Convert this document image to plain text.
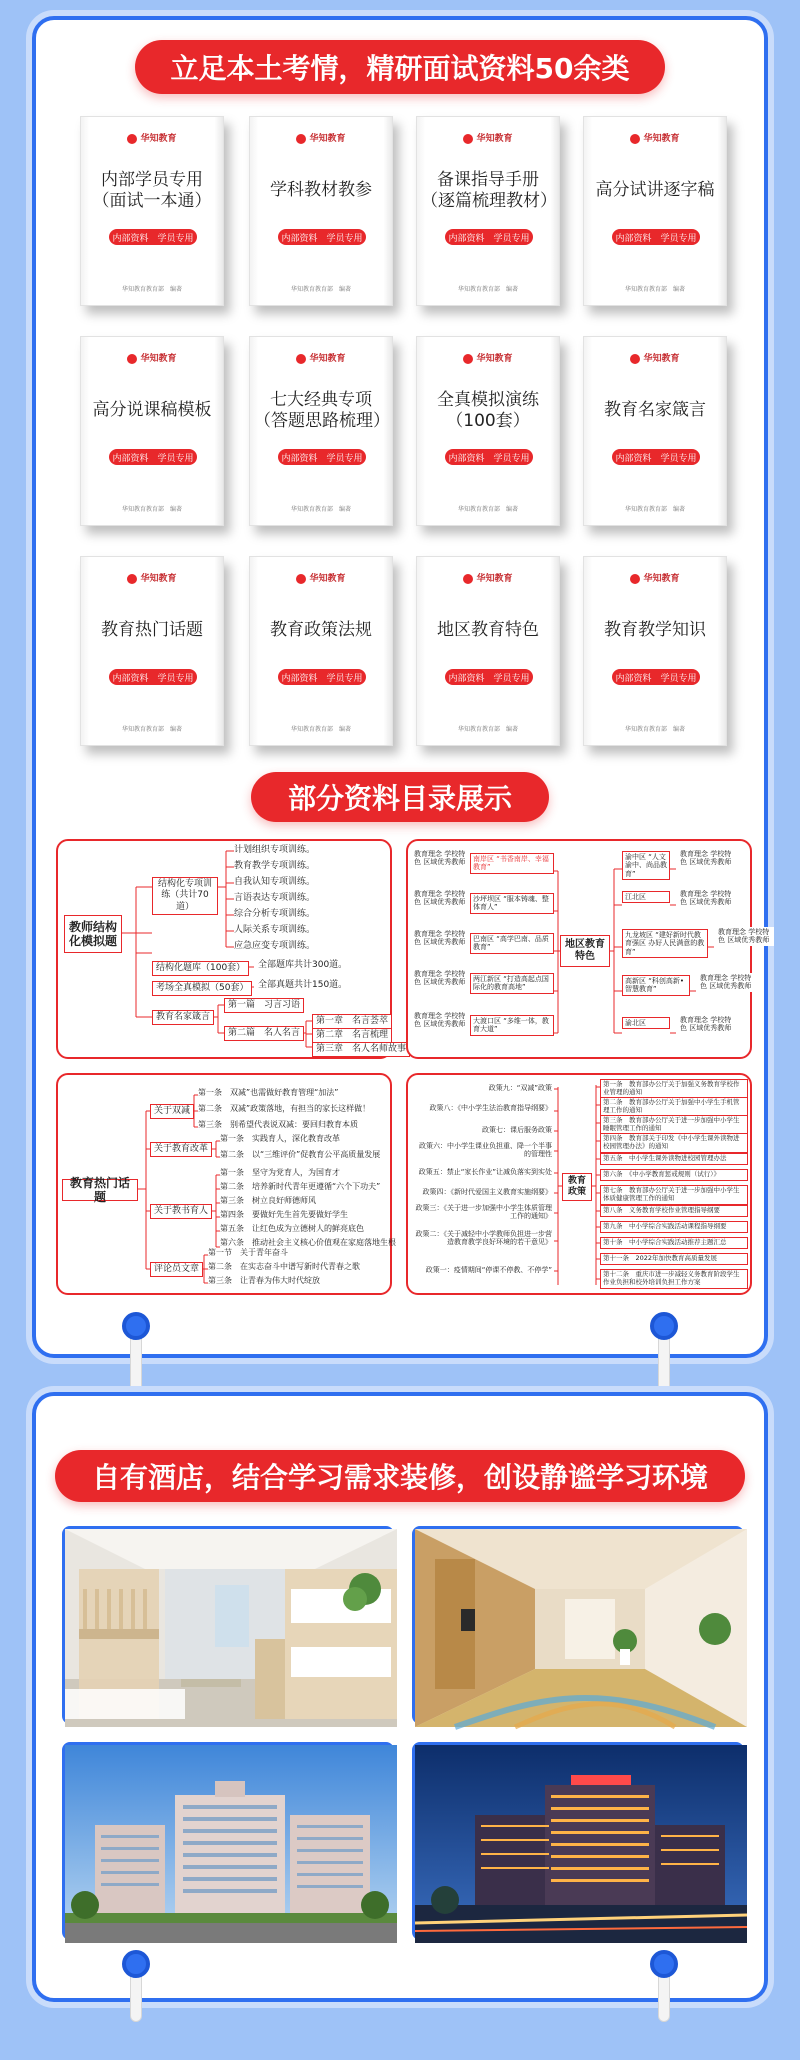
立足本土考情，精研面试资料50余类
华知教育
内部学员专用
（面试一本通）
内部资料　学员专用
华知教育教育部　编著
华知教育
学科教材教参
内部资料　学员专用
华知教育教育部　编著
华知教育
备课指导手册
（逐篇梳理教材）
内部资料　学员专用
华知教育教育部　编著
华知教育
高分试讲逐字稿
内部资料　学员专用
华知教育教育部　编著
华知教育
高分说课稿模板
内部资料　学员专用
华知教育教育部　编著
华知教育
七大经典专项
（答题思路梳理）
内部资料　学员专用
华知教育教育部　编著
华知教育
全真模拟演练
（100套）
内部资料　学员专用
华知教育教育部　编著
华知教育
教育名家箴言
内部资料　学员专用
华知教育教育部　编著
华知教育
教育热门话题
内部资料　学员专用
华知教育教育部　编著
华知教育
教育政策法规
内部资料　学员专用
华知教育教育部　编著
华知教育
地区教育特色
内部资料　学员专用
华知教育教育部　编著
华知教育
教育教学知识
内部资料　学员专用
华知教育教育部　编著
部分资料目录展示
教师结构化模拟题
结构化专项训练（共计70道）
计划组织专项训练。
教育教学专项训练。
自我认知专项训练。
言语表达专项训练。
综合分析专项训练。
人际关系专项训练。
应急应变专项训练。
结构化题库（100套）	全部题库共计300道。
考场全真模拟（50套）	全部真题共计150道。
教育名家箴言
第一篇　习言习语
第二篇　名人名言
第一章　名言荟萃
第二章　名言梳理
第三章　名人名师故事
教育理念 学校特色 区域优秀教师	南岸区 “书香南岸、幸福教育”
教育理念 学校特色 区域优秀教师	沙坪坝区 “服本铸魂、整体育人”
教育理念 学校特色 区域优秀教师	巴南区 “高学巴南、品质教育”
教育理念 学校特色 区域优秀教师	两江新区 “打造高起点国际化的教育高地”
教育理念 学校特色 区域优秀教师	大渡口区 “多维一体，教育大道”
地区教育特色
渝中区 “人文渝中、尚品教育”
教育理念 学校特色 区域优秀教师
江北区	教育理念 学校特色 区域优秀教师
九龙坡区 “建好新时代教育强区 办好人民满意的教育”
教育理念 学校特色 区域优秀教师
高新区 “科创高新•智慧教育”
教育理念 学校特色 区域优秀教师
渝北区	教育理念 学校特色 区域优秀教师
教育热门话题
关于双减
第一条　双减”也需做好教育管理“加法”
第二条　双减”政策落地，有担当的家长这样做！
第三条　别希望代表说双减：要回归教育本质
关于教育改革
第一条　实践育人，深化教育改革
第二条　以“三维评价”促教育公平高质量发展
关于教书育人
第一条　坚守为党育人，为国育才
第二条　培养新时代青年更遵循“六个下功夫”
第三条　树立良好师德师风
第四条　要做好先生首先要做好学生
第五条　让红色成为立德树人的鲜亮底色
第六条　推动社会主义核心价值观在家庭落地生根
评论员文章
第一节　关于青年奋斗
第二条　在实志奋斗中谱写新时代青春之歌
第三条　让青春为伟大时代绽放
政策九：“双减”政策
政策八：《中小学生法治教育指导纲要》
政策七：课后服务政策
政策六：中小学生课业负担重、降一个半事的管理性
政策五：禁止“家长作业”让减负落实到实处
政策四：《新时代爱国主义教育实施纲要》
政策三：《关于进一步加强中小学生体质管理工作的通知》
政策二：《关于减轻中小学教师负担进一步营造教育教学良好环境的若干意见》
政策一：疫情期间“停课不停教、不停学”
教育政策
第一条　教育部办公厅关于加强义务教育学校作业管理的通知
第二条　教育部办公厅关于加强中小学生手机管理工作的通知
第三条　教育部办公厅关于进一步加强中小学生睡眠管理工作的通知
第四条　教育部关于印发《中小学生课外读物进校园管理办法》的通知
第五条　中小学生课外读物进校园管理办法
第六条　《中小学教育惩戒规则（试行）》
第七条　教育部办公厅关于进一步加强中小学生体质健康管理工作的通知
第八条　义务教育学校作业管理指导纲要
第九条　中小学综合实践活动课程指导纲要
第十条　中小学综合实践活动推荐主题汇总
第十一条　2022年加快教育高质量发展
第十二条　重庆市进一步减轻义务教育阶段学生作业负担和校外培训负担工作方案
自有酒店，结合学习需求装修，创设静谧学习环境
